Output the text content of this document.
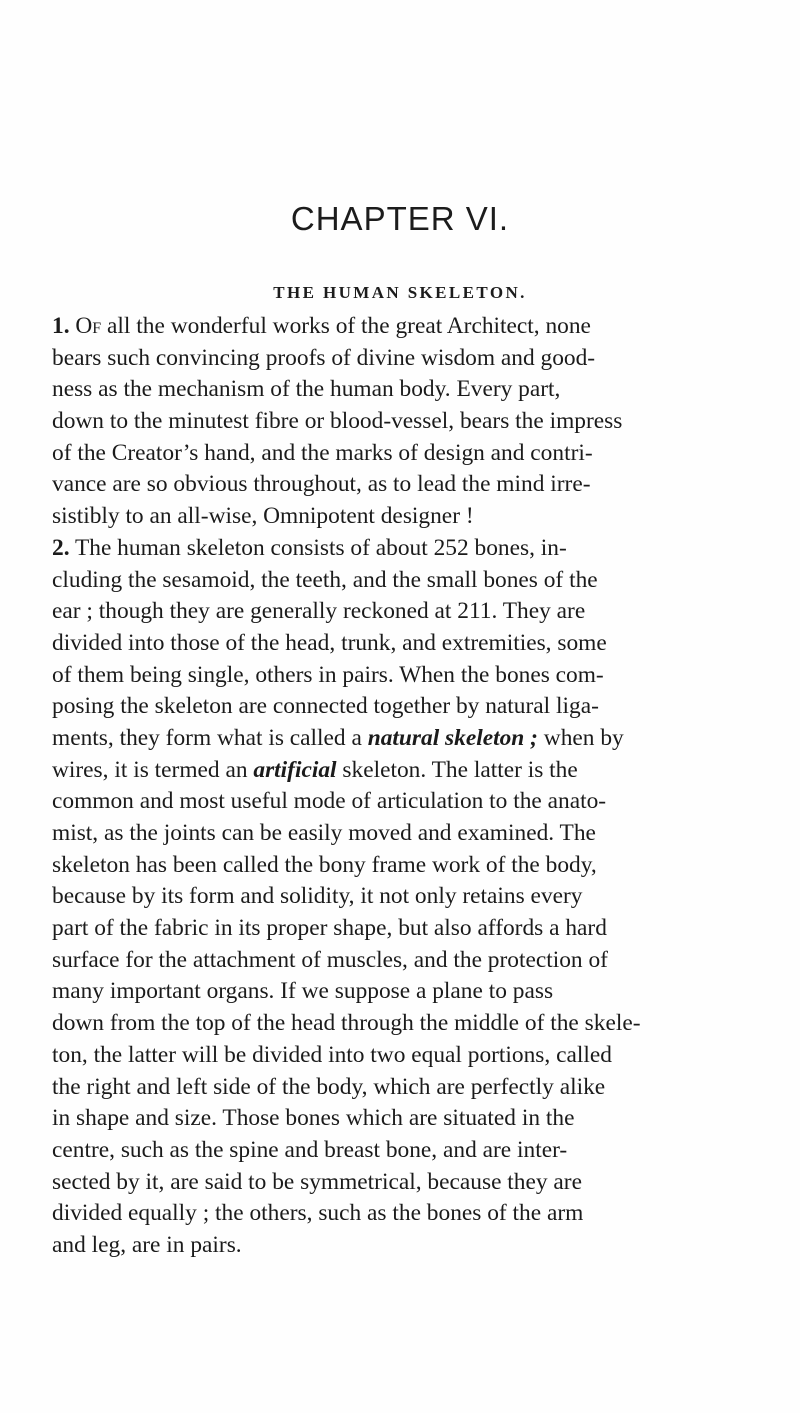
CHAPTER VI.
THE HUMAN SKELETON.
1. Of all the wonderful works of the great Architect, none
bears such convincing proofs of divine wisdom and good-
ness as the mechanism of the human body. Every part,
down to the minutest fibre or blood-vessel, bears the impress
of the Creator’s hand, and the marks of design and contri-
vance are so obvious throughout, as to lead the mind irre-
sistibly to an all-wise, Omnipotent designer !
2. The human skeleton consists of about 252 bones, in-
cluding the sesamoid, the teeth, and the small bones of the
ear ; though they are generally reckoned at 211. They are
divided into those of the head, trunk, and extremities, some
of them being single, others in pairs. When the bones com-
posing the skeleton are connected together by natural liga-
ments, they form what is called a natural skeleton ; when by
wires, it is termed an artificial skeleton. The latter is the
common and most useful mode of articulation to the anato-
mist, as the joints can be easily moved and examined. The
skeleton has been called the bony frame work of the body,
because by its form and solidity, it not only retains every
part of the fabric in its proper shape, but also affords a hard
surface for the attachment of muscles, and the protection of
many important organs. If we suppose a plane to pass
down from the top of the head through the middle of the skele-
ton, the latter will be divided into two equal portions, called
the right and left side of the body, which are perfectly alike
in shape and size. Those bones which are situated in the
centre, such as the spine and breast bone, and are inter-
sected by it, are said to be symmetrical, because they are
divided equally ; the others, such as the bones of the arm
and leg, are in pairs.
